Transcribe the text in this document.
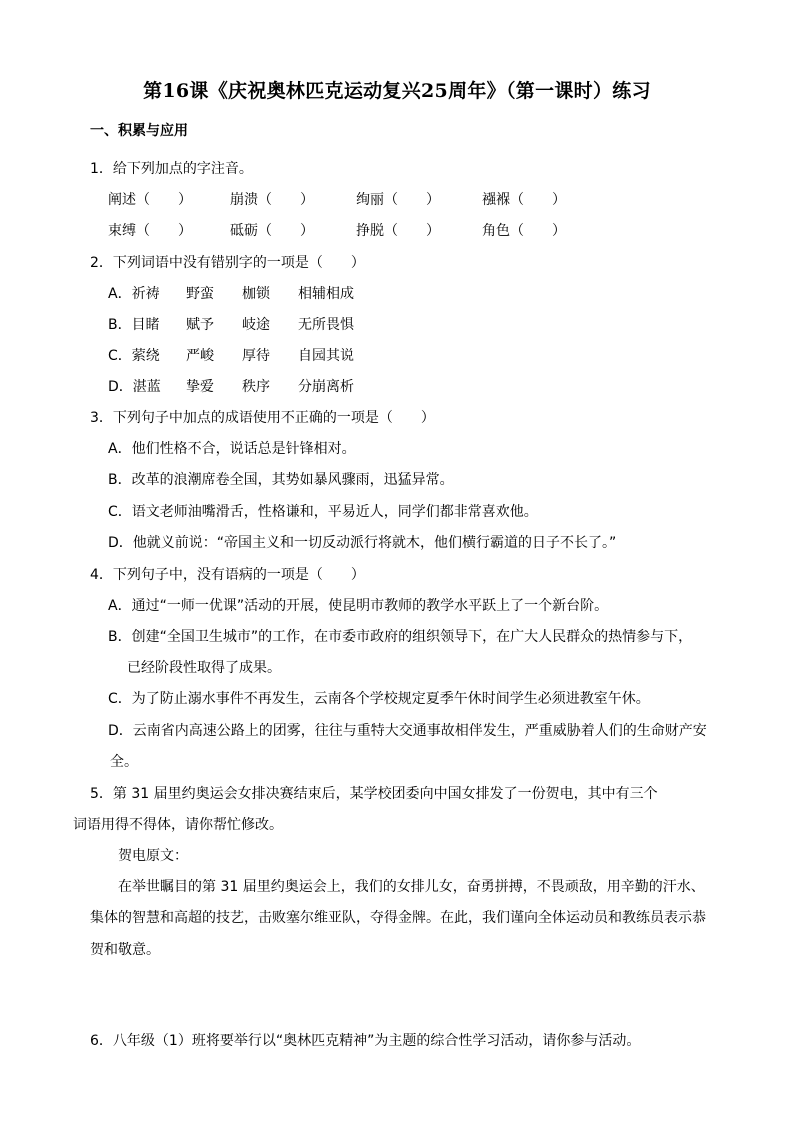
第16课《庆祝奥林匹克运动复兴25周年》（第一课时）练习
一、积累与应用
1．给下列加点的字注音。
阐述（　　）	崩溃（　　）	绚丽（　　）	襁褓（　　）
束缚（　　）	砥砺（　　）	挣脱（　　）	角色（　　）
2．下列词语中没有错别字的一项是（　　）
A．祈祷 野蛮 枷锁 相辅相成
B．目睹 赋予 岐途 无所畏惧
C．萦绕 严峻 厚待 自园其说
D．湛蓝 挚爱 秩序 分崩离析
3．下列句子中加点的成语使用不正确的一项是（　　）
A．他们性格不合，说话总是针锋相对。
B．改革的浪潮席卷全国，其势如暴风骤雨，迅猛异常。
C．语文老师油嘴滑舌，性格谦和，平易近人，同学们都非常喜欢他。
D．他就义前说：“帝国主义和一切反动派行将就木，他们横行霸道的日子不长了。”
4．下列句子中，没有语病的一项是（　　）
A．通过“一师一优课”活动的开展，使昆明市教师的教学水平跃上了一个新台阶。
B．创建“全国卫生城市”的工作，在市委市政府的组织领导下，在广大人民群众的热情参与下，
已经阶段性取得了成果。
C．为了防止溺水事件不再发生，云南各个学校规定夏季午休时间学生必须进教室午休。
D．云南省内高速公路上的团雾，往往与重特大交通事故相伴发生，严重威胁着人们的生命财产安
全。
5．第 31 届里约奥运会女排决赛结束后，某学校团委向中国女排发了一份贺电，其中有三个
词语用得不得体，请你帮忙修改。
贺电原文：
在举世瞩目的第 31 届里约奥运会上，我们的女排儿女，奋勇拼搏，不畏顽敌，用辛勤的汗水、
集体的智慧和高超的技艺，击败塞尔维亚队，夺得金牌。在此，我们谨向全体运动员和教练员表示恭
贺和敬意。
6．八年级（1）班将要举行以“奥林匹克精神”为主题的综合性学习活动，请你参与活动。
